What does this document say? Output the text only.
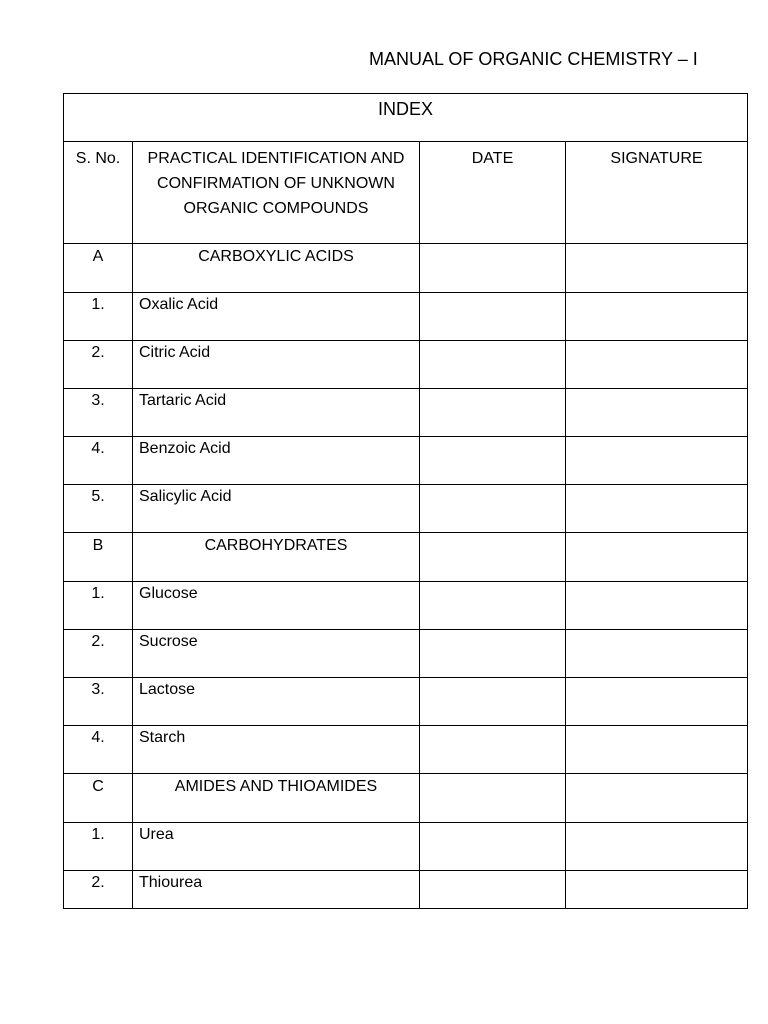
MANUAL OF ORGANIC CHEMISTRY – I
INDEX			
S. No.	PRACTICAL IDENTIFICATION AND CONFIRMATION OF UNKNOWN ORGANIC COMPOUNDS	DATE	SIGNATURE
A	CARBOXYLIC ACIDS		
1.	Oxalic Acid		
2.	Citric Acid		
3.	Tartaric Acid		
4.	Benzoic Acid		
5.	Salicylic Acid		
B	CARBOHYDRATES		
1.	Glucose		
2.	Sucrose		
3.	Lactose		
4.	Starch		
C	AMIDES AND THIOAMIDES		
1.	Urea		
2.	Thiourea		
